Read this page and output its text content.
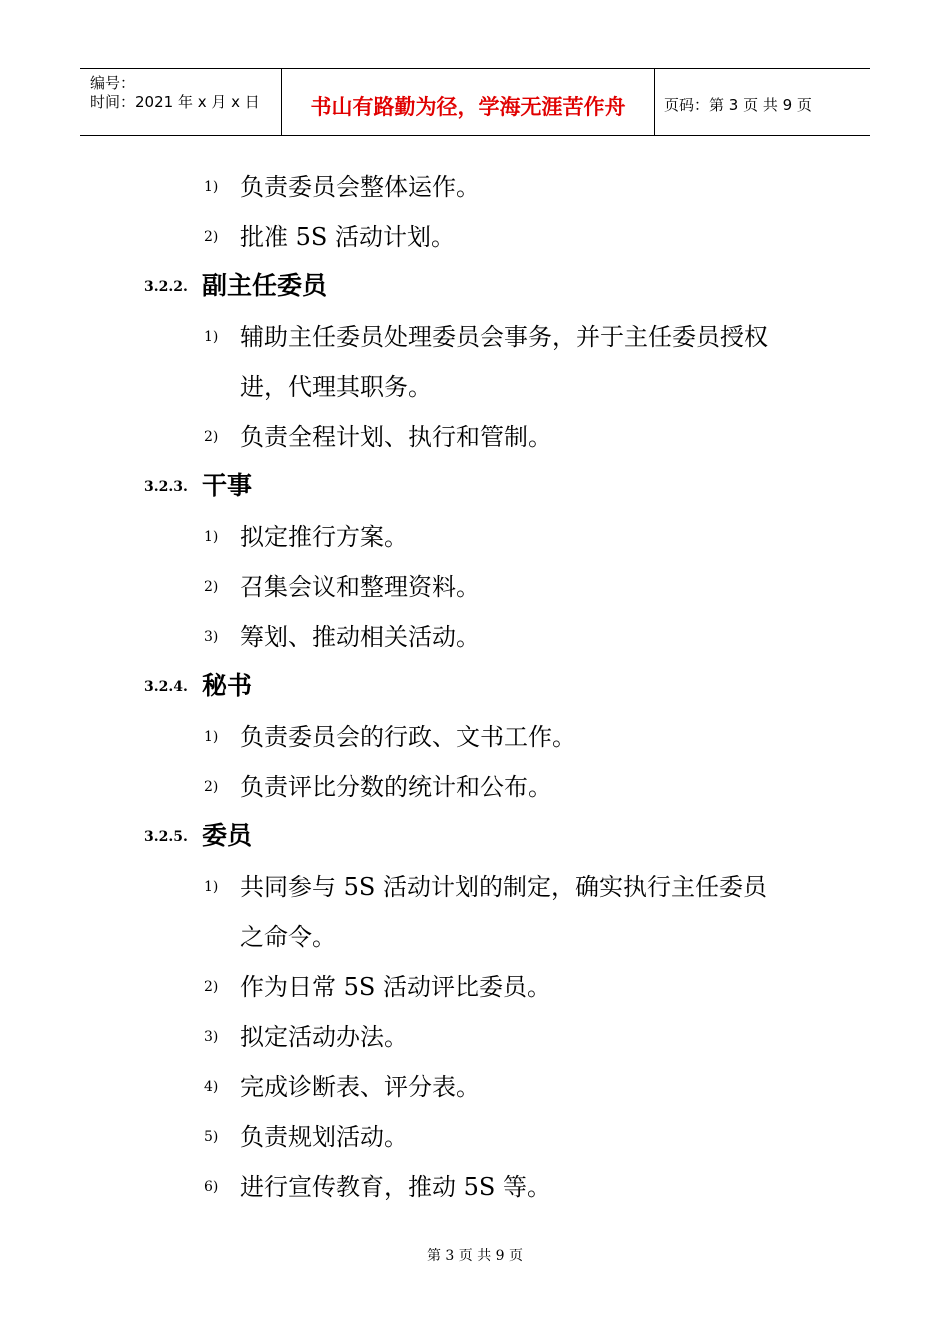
编号：
时间：2021 年 x 月 x 日	书山有路勤为径，学海无涯苦作舟	页码：第 3 页 共 9 页
1) 负责委员会整体运作。
2) 批准 5S 活动计划。
3.2.2. 副主任委员
1) 辅助主任委员处理委员会事务，并于主任委员授权
进，代理其职务。
2) 负责全程计划、执行和管制。
3.2.3. 干事
1) 拟定推行方案。
2) 召集会议和整理资料。
3) 筹划、推动相关活动。
3.2.4. 秘书
1) 负责委员会的行政、文书工作。
2) 负责评比分数的统计和公布。
3.2.5. 委员
1) 共同参与 5S 活动计划的制定，确实执行主任委员
之命令。
2) 作为日常 5S 活动评比委员。
3) 拟定活动办法。
4) 完成诊断表、评分表。
5) 负责规划活动。
6) 进行宣传教育，推动 5S 等。
第 3 页 共 9 页
